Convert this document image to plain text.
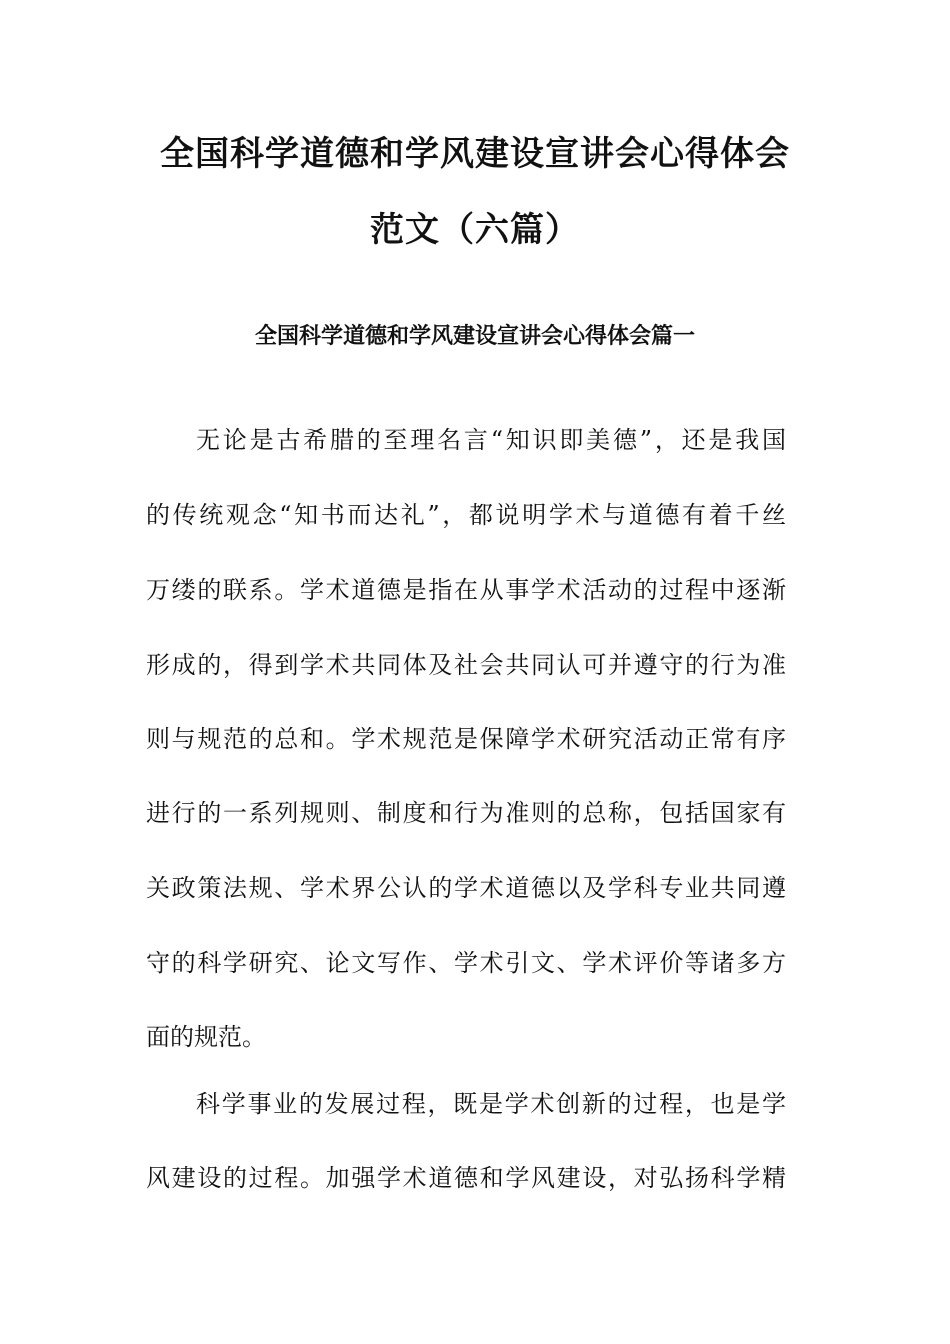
全国科学道德和学风建设宣讲会心得体会
范文（六篇）
全国科学道德和学风建设宣讲会心得体会篇一
无论是古希腊的至理名言“知识即美德”，还是我国
的传统观念“知书而达礼”，都说明学术与道德有着千丝
万缕的联系。学术道德是指在从事学术活动的过程中逐渐
形成的，得到学术共同体及社会共同认可并遵守的行为准
则与规范的总和。学术规范是保障学术研究活动正常有序
进行的一系列规则、制度和行为准则的总称，包括国家有
关政策法规、学术界公认的学术道德以及学科专业共同遵
守的科学研究、论文写作、学术引文、学术评价等诸多方
面的规范。
科学事业的发展过程，既是学术创新的过程，也是学
风建设的过程。加强学术道德和学风建设，对弘扬科学精
